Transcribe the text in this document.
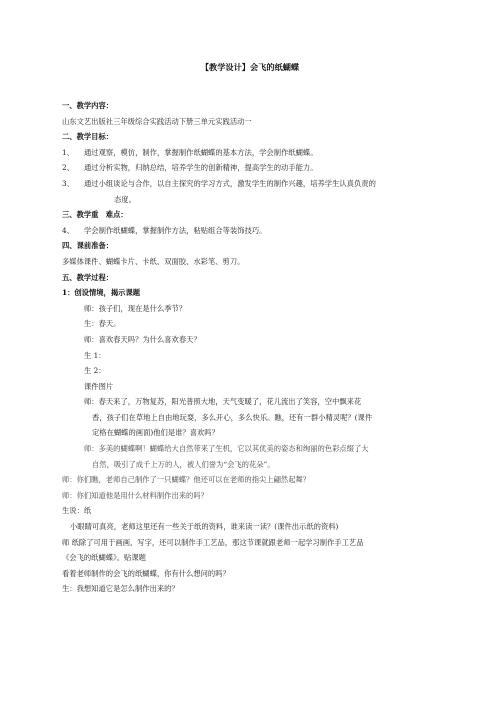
【教学设计】会飞的纸蝴蝶
一、教学内容：
山东文艺出版社三年级综合实践活动下册三单元实践活动一
二、教学目标：
1、 通过观察，模仿，制作，掌握制作纸蝴蝶的基本方法，学会制作纸蝴蝶。
2、 通过分析实物，归纳总结，培养学生的创新精神，提高学生的动手能力。
3、 通过小组谈论与合作，以自主探究的学习方式，激发学生的制作兴趣，培养学生认真负责的
态度。
三、教学重　难点：
4、 学会制作纸蝴蝶，掌握制作方法，粘贴组合等装饰技巧。
四、课前准备：
多媒体课件、蝴蝶卡片、卡纸、双面胶、水彩笔、剪刀。
五、教学过程：
1：创设情境，揭示课题
师：孩子们，现在是什么季节？
生：春天。
师：喜欢春天吗？为什么喜欢春天？
生 1：
生 2：
课件图片
师：春天来了，万物复苏，阳光普照大地，天气变暖了，花儿流出了笑容，空中飘来花
香，孩子们在草地上自由地玩耍，多么开心，多么快乐。瞧，还有一群小精灵呢？(课件
定格在蝴蝶的画面)他们是谁？喜欢吗？
师：多美的蝴蝶啊！蝴蝶给大自然带来了生机，它以其优美的姿态和绚丽的色彩点缀了大
自然，吸引了成千上万的人，被人们誉为“会飞的花朵”。
师：你们瞧，老师自己制作了一只蝴蝶？他还可以在老师的指尖上翩然起舞？
师：你们知道他是用什么材料制作出来的吗？
生说：纸
小眼睛可真亮，老师这里还有一些关于纸的资料，谁来读一读？(课件出示纸的资料)
师 纸除了可用于画画，写字，还可以制作手工艺品，那这节课就跟老师一起学习制作手工艺品
《会飞的纸蝴蝶》。贴课题
看着老师制作的会飞的纸蝴蝶，你有什么想问的吗？
生：我想知道它是怎么制作出来的？
